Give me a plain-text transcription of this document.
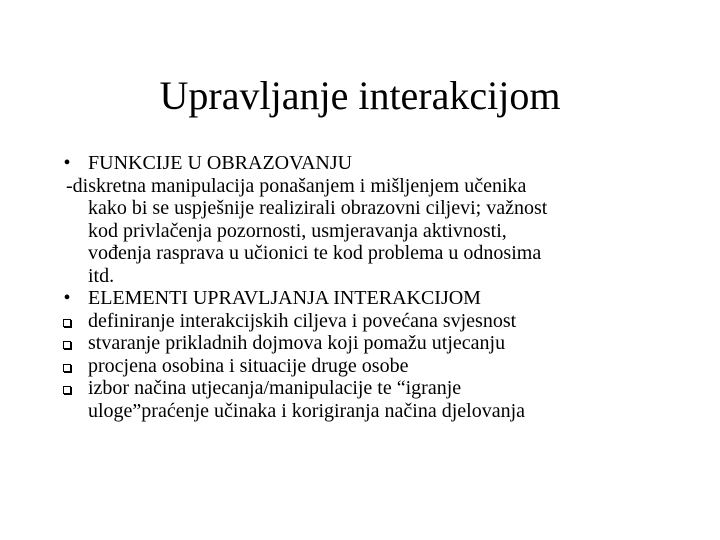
Upravljanje interakcijom
• FUNKCIJE U OBRAZOVANJU
-diskretna manipulacija ponašanjem i mišljenjem učenika
kako bi se uspješnije realizirali obrazovni ciljevi; važnost
kod privlačenja pozornosti, usmjeravanja aktivnosti,
vođenja rasprava u učionici te kod problema u odnosima
itd.
• ELEMENTI UPRAVLJANJA INTERAKCIJOM
definiranje interakcijskih ciljeva i povećana svjesnost
stvaranje prikladnih dojmova koji pomažu utjecanju
procjena osobina i situacije druge osobe
izbor načina utjecanja/manipulacije te “igranje
uloge”praćenje učinaka i korigiranja načina djelovanja
